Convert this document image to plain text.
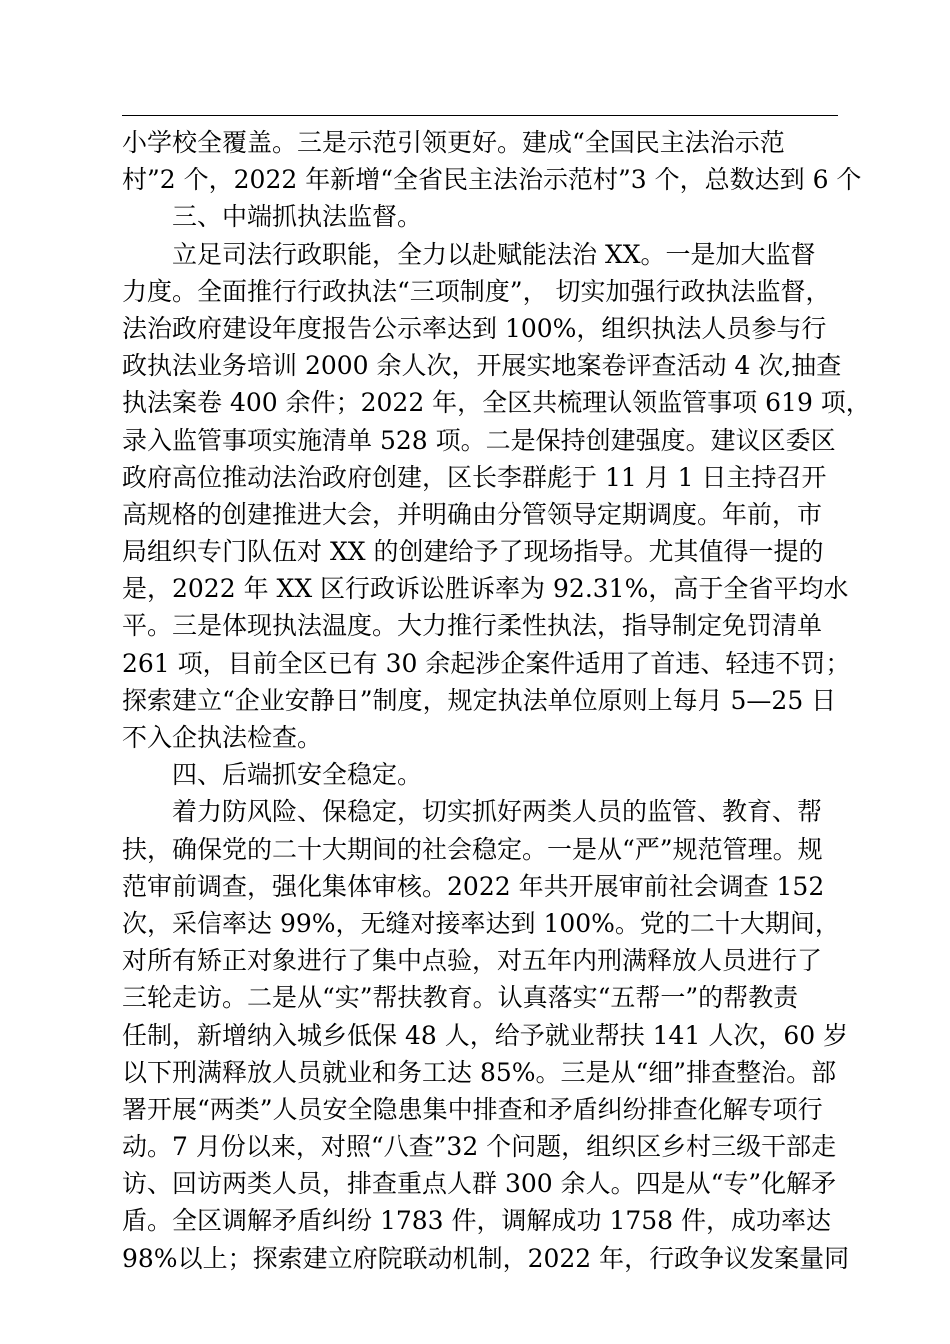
小学校全覆盖。三是示范引领更好。建成“全国民主法治示范
村”2 个，2022 年新增“全省民主法治示范村”3 个，总数达到 6 个
三、中端抓执法监督。
立足司法行政职能，全力以赴赋能法治 XX。一是加大监督
力度。全面推行行政执法“三项制度”， 切实加强行政执法监督，
法治政府建设年度报告公示率达到 100%，组织执法人员参与行
政执法业务培训 2000 余人次，开展实地案卷评查活动 4 次,抽查
执法案卷 400 余件；2022 年，全区共梳理认领监管事项 619 项，
录入监管事项实施清单 528 项。二是保持创建强度。建议区委区
政府高位推动法治政府创建，区长李群彪于 11 月 1 日主持召开
高规格的创建推进大会，并明确由分管领导定期调度。年前，市
局组织专门队伍对 XX 的创建给予了现场指导。尤其值得一提的
是，2022 年 XX 区行政诉讼胜诉率为 92.31%，高于全省平均水
平。三是体现执法温度。大力推行柔性执法，指导制定免罚清单
261 项，目前全区已有 30 余起涉企案件适用了首违、轻违不罚；
探索建立“企业安静日”制度，规定执法单位原则上每月 5—25 日
不入企执法检查。
四、后端抓安全稳定。
着力防风险、保稳定，切实抓好两类人员的监管、教育、帮
扶，确保党的二十大期间的社会稳定。一是从“严”规范管理。规
范审前调查，强化集体审核。2022 年共开展审前社会调查 152
次，采信率达 99%，无缝对接率达到 100%。党的二十大期间，
对所有矫正对象进行了集中点验，对五年内刑满释放人员进行了
三轮走访。二是从“实”帮扶教育。认真落实“五帮一”的帮教责
任制，新增纳入城乡低保 48 人，给予就业帮扶 141 人次，60 岁
以下刑满释放人员就业和务工达 85%。三是从“细”排查整治。部
署开展“两类”人员安全隐患集中排查和矛盾纠纷排查化解专项行
动。7 月份以来，对照“八查”32 个问题，组织区乡村三级干部走
访、回访两类人员，排查重点人群 300 余人。四是从“专”化解矛
盾。全区调解矛盾纠纷 1783 件，调解成功 1758 件，成功率达
98%以上；探索建立府院联动机制，2022 年，行政争议发案量同
